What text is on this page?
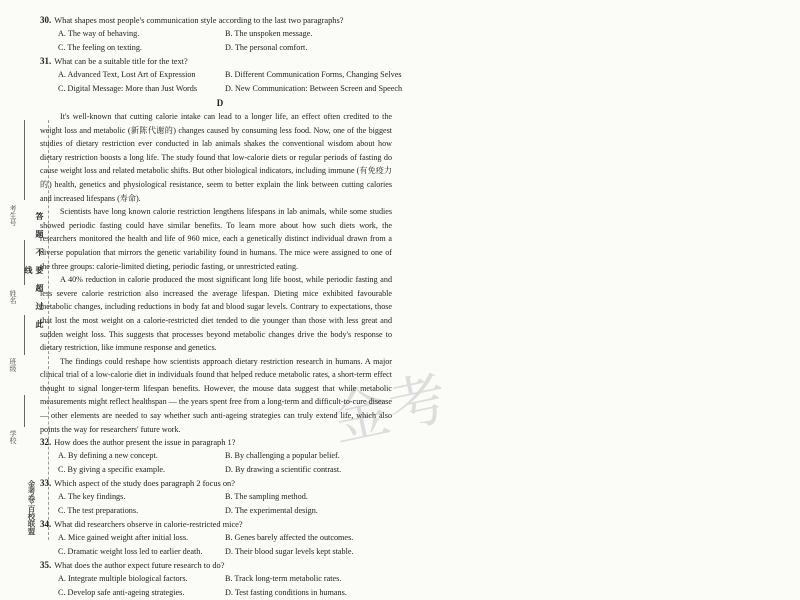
考生号
姓名
班级
学校
金考卷·百校联盟
答题不要超过此线
金考

30. What shapes most people's communication style according to the last two paragraphs?

A. The way of behaving.	B. The unspoken message.
C. The feeling on texting.	D. The personal comfort.

31. What can be a suitable title for the text?

A. Advanced Text, Lost Art of Expression	B. Different Communication Forms, Changing Selves
C. Digital Message: More than Just Words	D. New Communication: Between Screen and Speech
D

It's well-known that cutting calorie intake can lead to a longer life, an effect often credited to the weight loss and metabolic (新陈代谢的) changes caused by consuming less food. Now, one of the biggest studies of dietary restriction ever conducted in lab animals shakes the conventional wisdom about how dietary restriction boosts a long life. The study found that low-calorie diets or regular periods of fasting do cause weight loss and related metabolic shifts. But other biological indicators, including immune (有免疫力的) health, genetics and physiological resistance, seem to better explain the link between cutting calories and increased lifespans (寿命).

Scientists have long known calorie restriction lengthens lifespans in lab animals, while some studies showed periodic fasting could have similar benefits. To learn more about how such diets work, the researchers monitored the health and life of 960 mice, each a genetically distinct individual drawn from a diverse population that mirrors the genetic variability found in humans. The mice were assigned to one of the three groups: calorie-limited dieting, periodic fasting, or unrestricted eating.

A 40% reduction in calorie produced the most significant long life boost, while periodic fasting and less severe calorie restriction also increased the average lifespan. Dieting mice exhibited favourable metabolic changes, including reductions in body fat and blood sugar levels. Contrary to expectations, those that lost the most weight on a calorie-restricted diet tended to die younger than those with less great and sudden weight loss. This suggests that processes beyond metabolic changes drive the body's response to dietary restriction, like immune response and genetics.

The findings could reshape how scientists approach dietary restriction research in humans. A major clinical trial of a low-calorie diet in individuals found that helped reduce metabolic rates, a short-term effect thought to signal longer-term lifespan benefits. However, the mouse data suggest that while metabolic measurements might reflect healthspan — the years spent free from a long-term and difficult-to-cure disease — other elements are needed to say whether such anti-ageing strategies can truly extend life, which also points the way for researchers' future work.

32. How does the author present the issue in paragraph 1?

A. By defining a new concept.	B. By challenging a popular belief.
C. By giving a specific example.	D. By drawing a scientific contrast.

33. Which aspect of the study does paragraph 2 focus on?

A. The key findings.	B. The sampling method.
C. The test preparations.	D. The experimental design.

34. What did researchers observe in calorie-restricted mice?

A. Mice gained weight after initial loss.	B. Genes barely affected the outcomes.
C. Dramatic weight loss led to earlier death.	D. Their blood sugar levels kept stable.

35. What does the author expect future research to do?

A. Integrate multiple biological factors.	B. Track long-term metabolic rates.
C. Develop safe anti-ageing strategies.	D. Test fasting conditions in humans.
